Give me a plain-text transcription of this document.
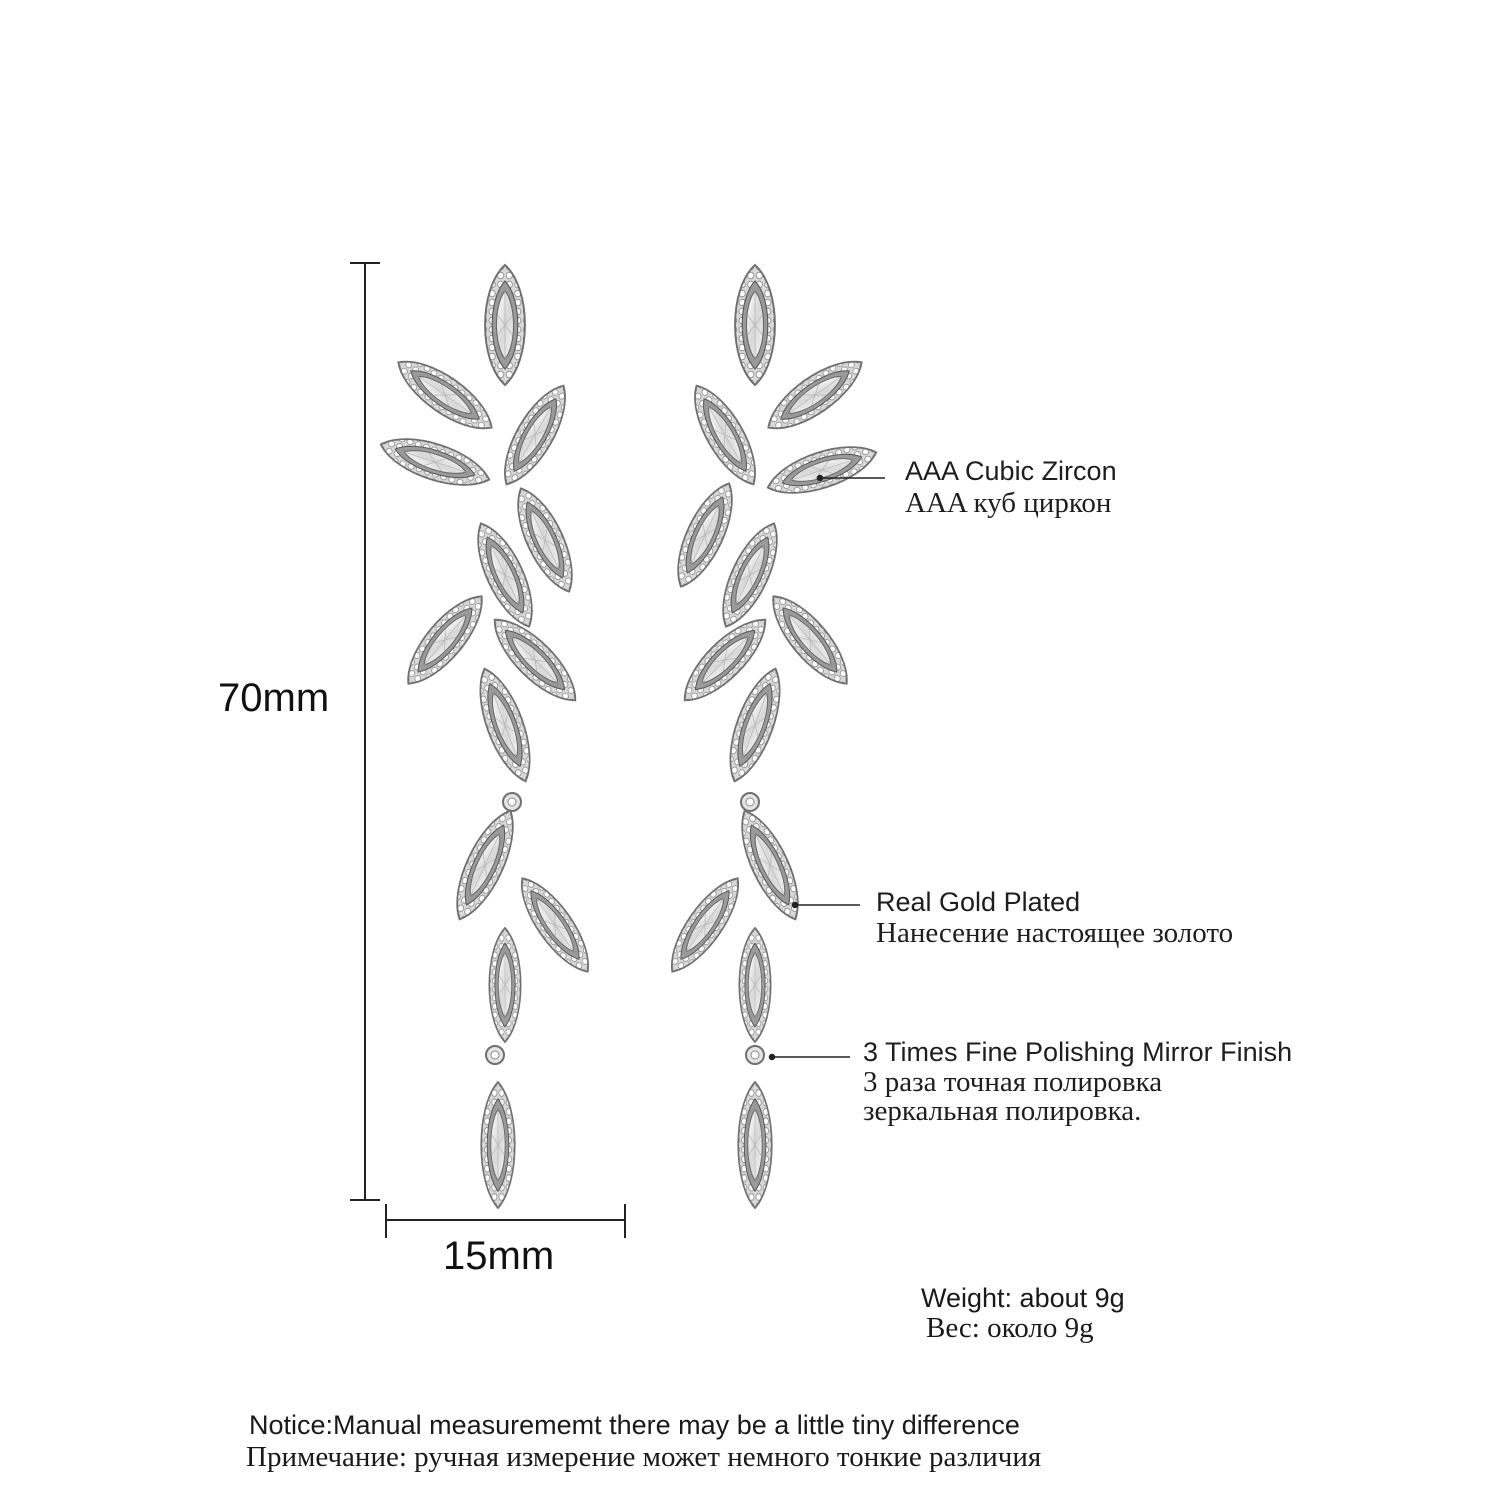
70mm
15mm
AAA Cubic Zircon
AAA куб циркон
Real Gold Plated
Нанесение настоящее золото
3 Times Fine Polishing Mirror Finish
3 раза точная полировка
зеркальная полировка.
Weight: about 9g
Вес: около 9g
Notice:Manual measurememt there may be a little tiny difference
Примечание: ручная измерение может немного тонкие различия
